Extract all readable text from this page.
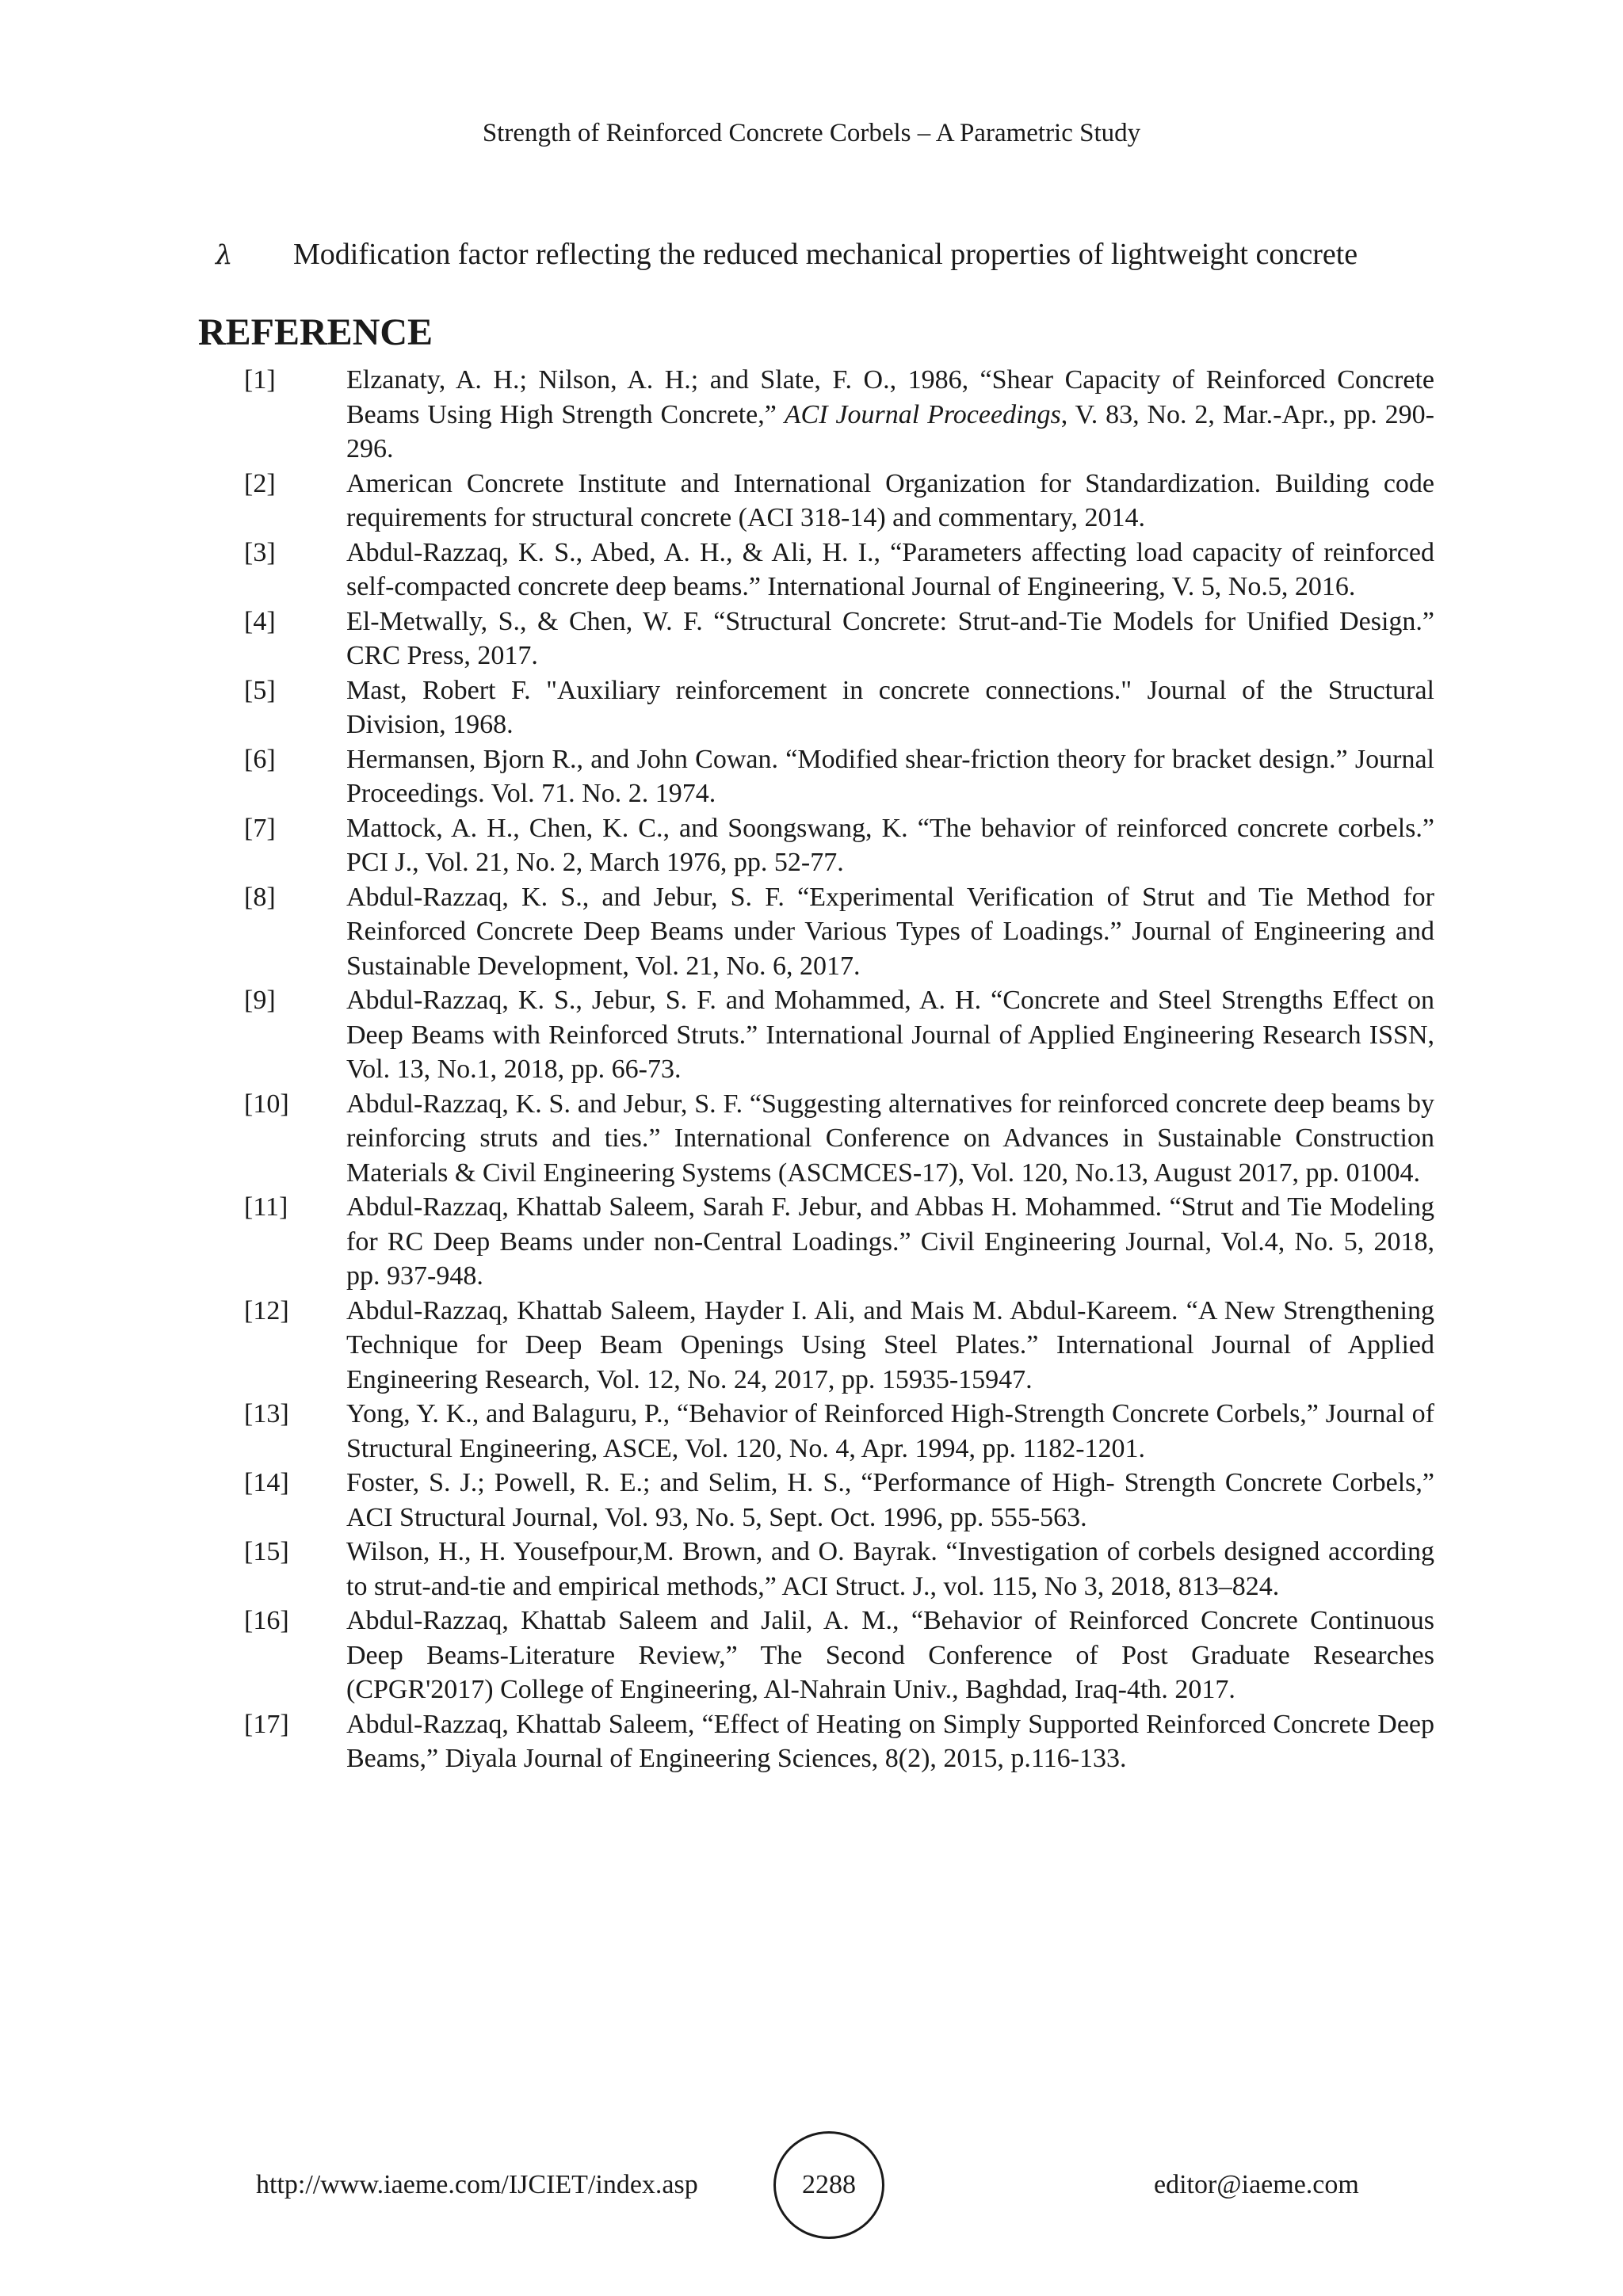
Strength of Reinforced Concrete Corbels – A Parametric Study
λ Modification factor reflecting the reduced mechanical properties of lightweight concrete
REFERENCE
[1]	Elzanaty, A. H.; Nilson, A. H.; and Slate, F. O., 1986, “Shear Capacity of Reinforced Concrete Beams Using High Strength Concrete,” ACI Journal Proceedings, V. 83, No. 2, Mar.-Apr., pp. 290-296.
[2]	American Concrete Institute and International Organization for Standardization. Building code requirements for structural concrete (ACI 318-14) and commentary, 2014.
[3]	Abdul-Razzaq, K. S., Abed, A. H., & Ali, H. I., “Parameters affecting load capacity of reinforced self-compacted concrete deep beams.” International Journal of Engineering, V. 5, No.5, 2016.
[4]	El-Metwally, S., & Chen, W. F. “Structural Concrete: Strut-and-Tie Models for Unified Design.” CRC Press, 2017.
[5]	Mast, Robert F. "Auxiliary reinforcement in concrete connections." Journal of the Structural Division, 1968.
[6]	Hermansen, Bjorn R., and John Cowan. “Modified shear-friction theory for bracket design.” Journal Proceedings. Vol. 71. No. 2. 1974.
[7]	Mattock, A. H., Chen, K. C., and Soongswang, K. “The behavior of reinforced concrete corbels.” PCI J., Vol. 21, No. 2, March 1976, pp. 52-77.
[8]	Abdul-Razzaq, K. S., and Jebur, S. F. “Experimental Verification of Strut and Tie Method for Reinforced Concrete Deep Beams under Various Types of Loadings.” Journal of Engineering and Sustainable Development, Vol. 21, No. 6, 2017.
[9]	Abdul-Razzaq, K. S., Jebur, S. F. and Mohammed, A. H. “Concrete and Steel Strengths Effect on Deep Beams with Reinforced Struts.” International Journal of Applied Engineering Research ISSN, Vol. 13, No.1, 2018, pp. 66-73.
[10]	Abdul-Razzaq, K. S. and Jebur, S. F. “Suggesting alternatives for reinforced concrete deep beams by reinforcing struts and ties.” International Conference on Advances in Sustainable Construction Materials & Civil Engineering Systems (ASCMCES-17), Vol. 120, No.13, August 2017, pp. 01004.
[11]	Abdul-Razzaq, Khattab Saleem, Sarah F. Jebur, and Abbas H. Mohammed. “Strut and Tie Modeling for RC Deep Beams under non-Central Loadings.” Civil Engineering Journal, Vol.4, No. 5, 2018, pp. 937-948.
[12]	Abdul-Razzaq, Khattab Saleem, Hayder I. Ali, and Mais M. Abdul-Kareem. “A New Strengthening Technique for Deep Beam Openings Using Steel Plates.” International Journal of Applied Engineering Research, Vol. 12, No. 24, 2017, pp. 15935-15947.
[13]	Yong, Y. K., and Balaguru, P., “Behavior of Reinforced High-Strength Concrete Corbels,” Journal of Structural Engineering, ASCE, Vol. 120, No. 4, Apr. 1994, pp. 1182-1201.
[14]	Foster, S. J.; Powell, R. E.; and Selim, H. S., “Performance of High- Strength Concrete Corbels,” ACI Structural Journal, Vol. 93, No. 5, Sept. Oct. 1996, pp. 555-563.
[15]	Wilson, H., H. Yousefpour,M. Brown, and O. Bayrak. “Investigation of corbels designed according to strut-and-tie and empirical methods,” ACI Struct. J., vol. 115, No 3, 2018, 813–824.
[16]	Abdul-Razzaq, Khattab Saleem and Jalil, A. M., “Behavior of Reinforced Concrete Continuous Deep Beams-Literature Review,” The Second Conference of Post Graduate Researches (CPGR'2017) College of Engineering, Al-Nahrain Univ., Baghdad, Iraq-4th. 2017.
[17]	Abdul-Razzaq, Khattab Saleem, “Effect of Heating on Simply Supported Reinforced Concrete Deep Beams,” Diyala Journal of Engineering Sciences, 8(2), 2015, p.116-133.
http://www.iaeme.com/IJCIET/index.asp	2288	editor@iaeme.com
